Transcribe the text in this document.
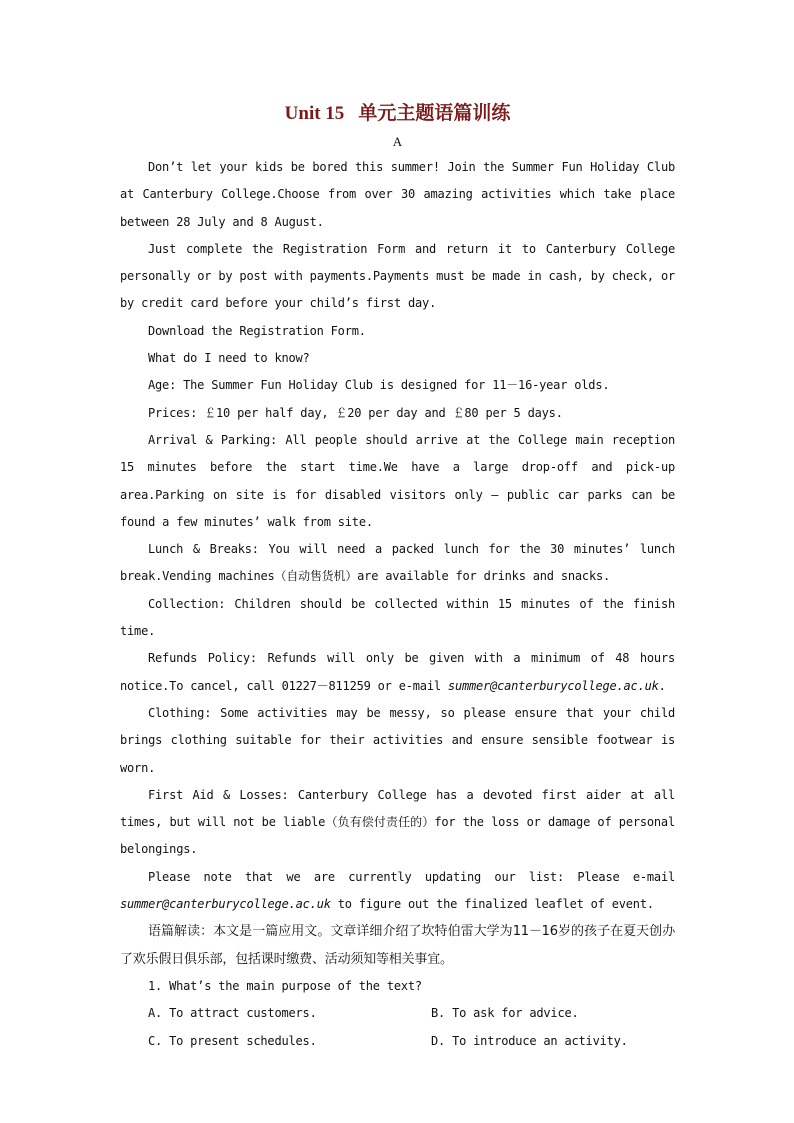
Unit 15 单元主题语篇训练
A

Don’t let your kids be bored this summer! Join the Summer Fun Holiday Club at Canterbury College.Choose from over 30 amazing activities which take place between 28 July and 8 August.

Just complete the Registration Form and return it to Canterbury College personally or by post with payments.Payments must be made in cash, by check, or by credit card before your child’s first day.

Download the Registration Form.

What do I need to know?

Age: The Summer Fun Holiday Club is designed for 11－16-year olds.

Prices: ￡10 per half day, ￡20 per day and ￡80 per 5 days.

Arrival & Parking: All people should arrive at the College main reception 15 minutes before the start time.We have a large drop-off and pick-up area.Parking on site is for disabled visitors only — public car parks can be found a few minutes’ walk from site.

Lunch & Breaks: You will need a packed lunch for the 30 minutes’ lunch break.Vending machines（自动售货机）are available for drinks and snacks.

Collection: Children should be collected within 15 minutes of the finish time.

Refunds Policy: Refunds will only be given with a minimum of 48 hours notice.To cancel, call 01227－811259 or e-mail summer@canterburycollege.ac.uk.

Clothing: Some activities may be messy, so please ensure that your child brings clothing suitable for their activities and ensure sensible footwear is worn.

First Aid & Losses: Canterbury College has a devoted first aider at all times, but will not be liable（负有偿付责任的）for the loss or damage of personal belongings.

Please note that we are currently updating our list: Please e-mail summer@canterburycollege.ac.uk to figure out the finalized leaflet of event.

语篇解读：本文是一篇应用文。文章详细介绍了坎特伯雷大学为11－16岁的孩子在夏天创办了欢乐假日俱乐部，包括课时缴费、活动须知等相关事宜。

1. What’s the main purpose of the text?

A. To attract customers.	B. To ask for advice.
C. To present schedules.	D. To introduce an activity.
